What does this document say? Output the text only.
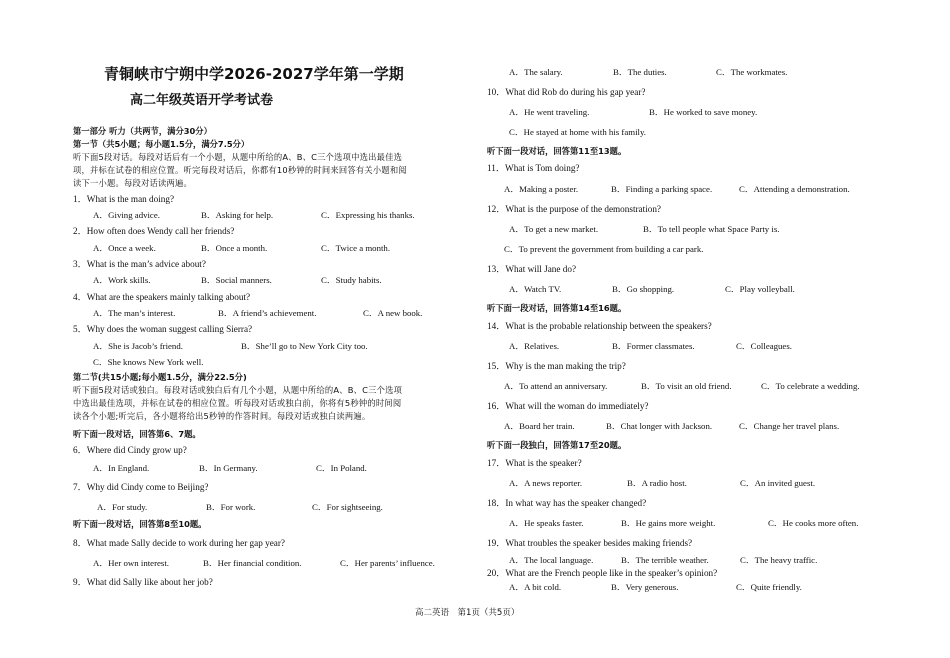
青铜峡市宁朔中学2026-2027学年第一学期
高二年级英语开学考试卷
第一部分 听力（共两节，满分30分）
第一节（共5小题；每小题1.5分，满分7.5分）
听下面5段对话。每段对话后有一个小题，从题中所给的A、B、C三个选项中选出最佳选
项，并标在试卷的相应位置。听完每段对话后，你都有10秒钟的时间来回答有关小题和阅
读下一小题。每段对话读两遍。
1．What is the man doing?
A．Giving advice.	B．Asking for help.	C．Expressing his thanks.
2．How often does Wendy call her friends?
A．Once a week.	B．Once a month.	C．Twice a month.
3．What is the man’s advice about?
A．Work skills.	B．Social manners.	C．Study habits.
4．What are the speakers mainly talking about?
A．The man’s interest.	B．A friend’s achievement.	C．A new book.
5．Why does the woman suggest calling Sierra?
A．She is Jacob’s friend.	B．She’ll go to New York City too.
C．She knows New York well.
第二节(共15小题;每小题1.5分，满分22.5分)
听下面5段对话或独白。每段对话或独白后有几个小题，从题中所给的A、B、C三个选项
中选出最佳选项，并标在试卷的相应位置。听每段对话或独白前，你将有5秒钟的时间阅
读各个小题;听完后，各小题将给出5秒钟的作答时间。每段对话或独白读两遍。
听下面一段对话，回答第6、7题。
6．Where did Cindy grow up?
A．In England.	B．In Germany.	C．In Poland.
7．Why did Cindy come to Beijing?
A．For study.	B．For work.	C．For sightseeing.
听下面一段对话，回答第8至10题。
8．What made Sally decide to work during her gap year?
A．Her own interest.	B．Her financial condition.	C．Her parents’ influence.
9．What did Sally like about her job?
A．The salary.	B．The duties.	C．The workmates.
10．What did Rob do during his gap year?
A．He went traveling.	B．He worked to save money.
C．He stayed at home with his family.
听下面一段对话，回答第11至13题。
11．What is Tom doing?
A．Making a poster.	B．Finding a parking space.	C．Attending a demonstration.
12．What is the purpose of the demonstration?
A．To get a new market.	B．To tell people what Space Party is.
C．To prevent the government from building a car park.
13．What will Jane do?
A．Watch TV.	B．Go shopping.	C．Play volleyball.
听下面一段对话，回答第14至16题。
14．What is the probable relationship between the speakers?
A．Relatives.	B．Former classmates.	C．Colleagues.
15．Why is the man making the trip?
A．To attend an anniversary.	B．To visit an old friend.	C．To celebrate a wedding.
16．What will the woman do immediately?
A．Board her train.	B．Chat longer with Jackson.	C．Change her travel plans.
听下面一段独白，回答第17至20题。
17．What is the speaker?
A．A news reporter.	B．A radio host.	C．An invited guest.
18．In what way has the speaker changed?
A．He speaks faster.	B．He gains more weight.	C．He cooks more often.
19．What troubles the speaker besides making friends?
A．The local language.	B．The terrible weather.	C．The heavy traffic.
20．What are the French people like in the speaker’s opinion?
A．A bit cold.	B．Very generous.	C．Quite friendly.
高二英语　第1页（共5页）
